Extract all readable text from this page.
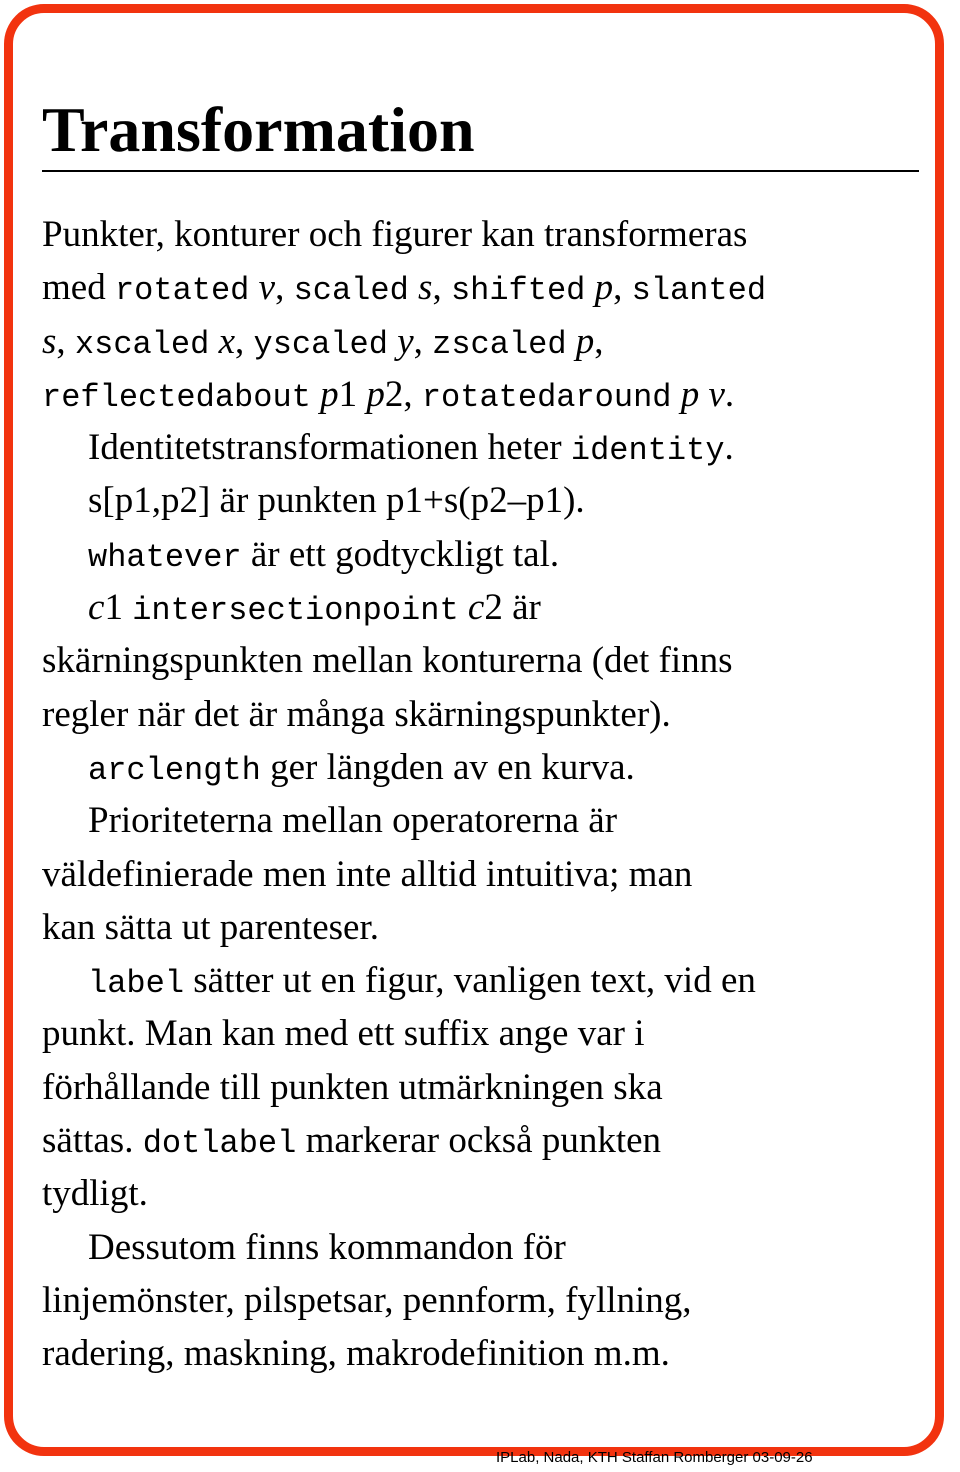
Transformation
Punkter, konturer och figurer kan transformeras
med rotated v, scaled s, shifted p, slanted
s, xscaled x, yscaled y, zscaled p,
reflectedabout p1 p2, rotatedaround p v.
Identitetstransformationen heter identity.
s[p1,p2] är punkten p1+s(p2–p1).
whatever är ett godtyckligt tal.
c1 intersectionpoint c2 är
skärningspunkten mellan konturerna (det finns
regler när det är många skärningspunkter).
arclength ger längden av en kurva.
Prioriteterna mellan operatorerna är
väldefinierade men inte alltid intuitiva; man
kan sätta ut parenteser.
label sätter ut en figur, vanligen text, vid en
punkt. Man kan med ett suffix ange var i
förhållande till punkten utmärkningen ska
sättas. dotlabel markerar också punkten
tydligt.
Dessutom finns kommandon för
linjemönster, pilspetsar, pennform, fyllning,
radering, maskning, makrodefinition m.m.
IPLab, Nada, KTH Staffan Romberger 03-09-26
